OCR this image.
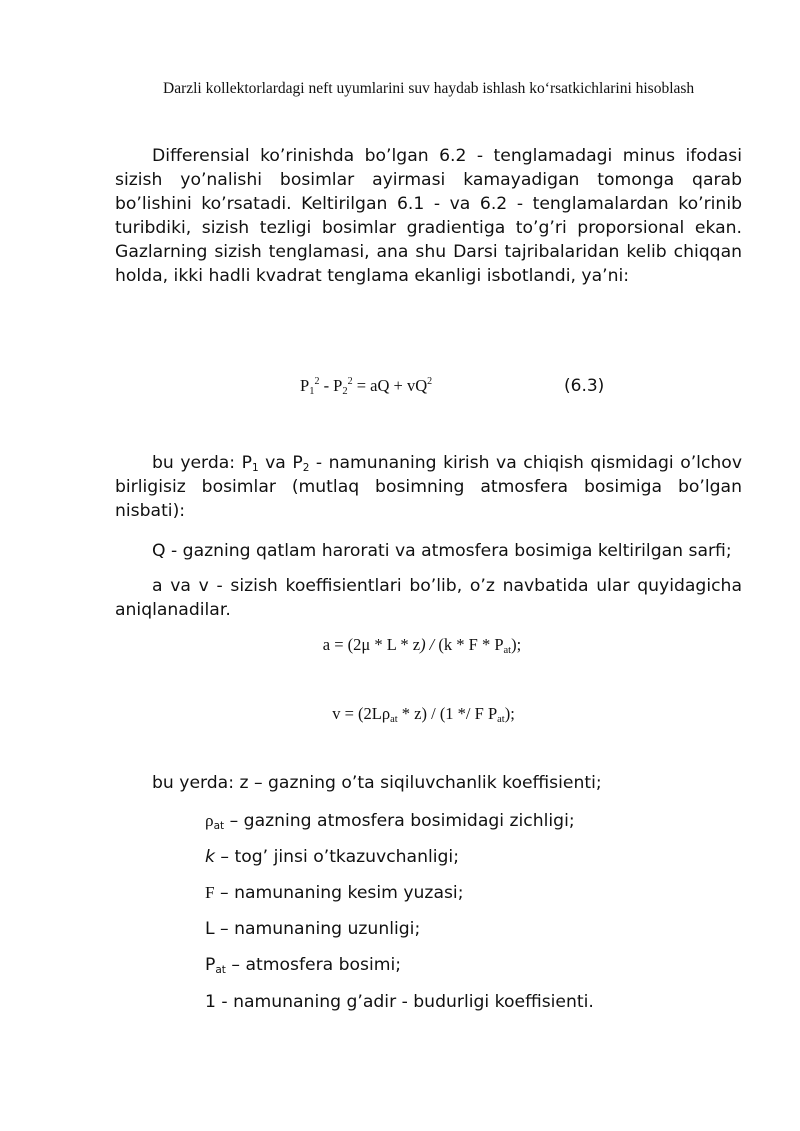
Darzli kollektorlardagi neft uyumlarini suv haydab ishlash ko‘rsatkichlarini hisoblash
Differensial ko’rinishda bo’lgan 6.2 - tenglamadagi minus ifodasi sizish yo’nalishi bosimlar ayirmasi kamayadigan tomonga qarab bo’lishini ko’rsatadi. Keltirilgan 6.1 - va 6.2 - tenglamalardan ko’rinib turibdiki, sizish tezligi bosimlar gradientiga to’g’ri proporsional ekan. Gazlarning sizish tenglamasi, ana shu Darsi tajribalaridan kelib chiqqan holda, ikki hadli kvadrat tenglama ekanligi isbotlandi, ya’ni:
$P_1^2 - P_2^2$ = aQ + $vQ^2$	(6.3)
bu yerda: $P_1$ va $P_2$ - namunaning kirish va chiqish qismidagi o’lchov birligisiz bosimlar (mutlaq bosimning atmosfera bosimiga bo’lgan nisbati):
Q - gazning qatlam harorati va atmosfera bosimiga keltirilgan sarfi;
a va v - sizish koeffisientlari bo’lib, o’z navbatida ular quyidagicha aniqlanadilar.
$a = (2\mu * L * z) / (k * F * P_{at})$;
$v = (2L\rho_{at} * z) / (1 */ F$ $P_{at}$);
bu yerda: z – gazning o’ta siqiluvchanlik koeffisienti;
$\rho_{at}$ – gazning atmosfera bosimidagi zichligi;
k – tog’ jinsi o’tkazuvchanligi;
F – namunaning kesim yuzasi;
L – namunaning uzunligi;
$P_{at}$ – atmosfera bosimi;
1 - namunaning g’adir - budurligi koeffisienti.
